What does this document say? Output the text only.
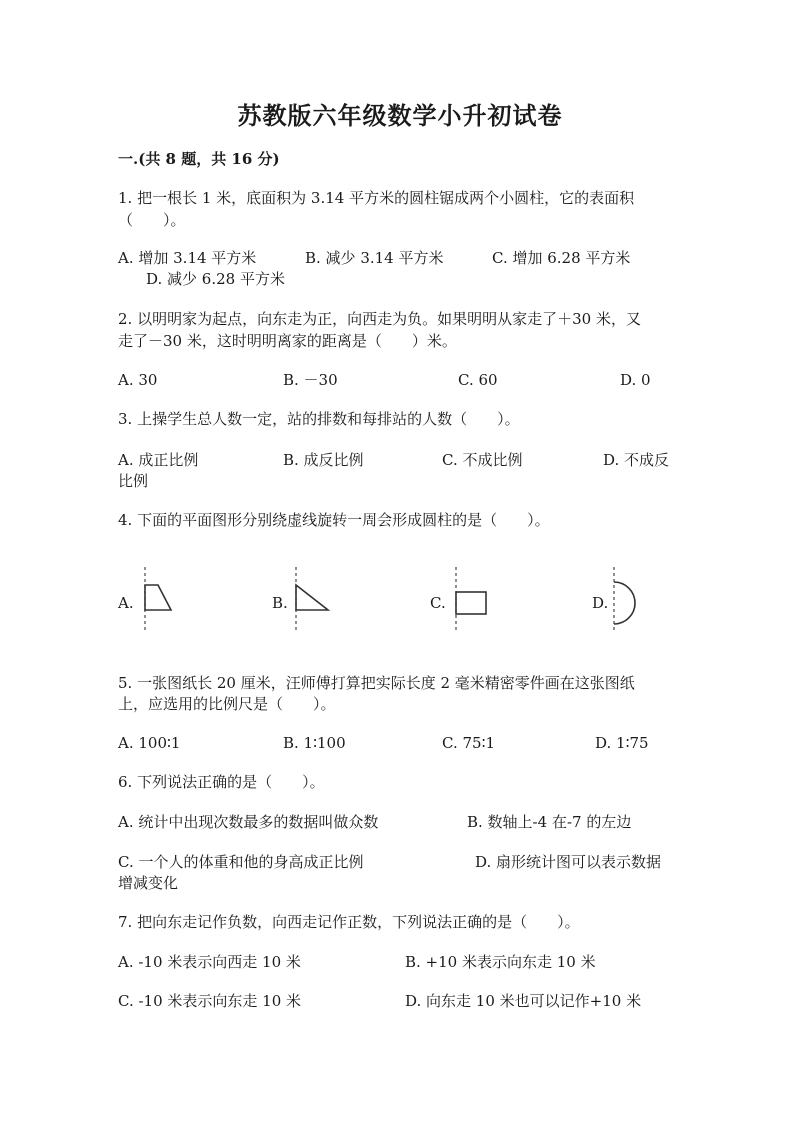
苏教版六年级数学小升初试卷
一.(共 8 题，共 16 分)
1. 把一根长 1 米，底面积为 3.14 平方米的圆柱锯成两个小圆柱，它的表面积
（　　）。
A. 增加 3.14 平方米	B. 减少 3.14 平方米	C. 增加 6.28 平方米
D. 减少 6.28 平方米
2. 以明明家为起点，向东走为正，向西走为负。如果明明从家走了＋30 米，又
走了－30 米，这时明明离家的距离是（　　）米。
A. 30	B. －30	C. 60	D. 0
3. 上操学生总人数一定，站的排数和每排站的人数（　　）。
A. 成正比例	B. 成反比例	C. 不成比例	D. 不成反
比例
4. 下面的平面图形分别绕虚线旋转一周会形成圆柱的是（　　）。
A.	B.	C.	D.
5. 一张图纸长 20 厘米，汪师傅打算把实际长度 2 毫米精密零件画在这张图纸
上，应选用的比例尺是（　　）。
A. 100∶1	B. 1∶100	C. 75∶1	D. 1∶75
6. 下列说法正确的是（　　）。
A. 统计中出现次数最多的数据叫做众数	B. 数轴上-4 在-7 的左边
C. 一个人的体重和他的身高成正比例	D. 扇形统计图可以表示数据
增减变化
7. 把向东走记作负数，向西走记作正数，下列说法正确的是（　　）。
A. -10 米表示向西走 10 米	B. +10 米表示向东走 10 米
C. -10 米表示向东走 10 米	D. 向东走 10 米也可以记作+10 米
